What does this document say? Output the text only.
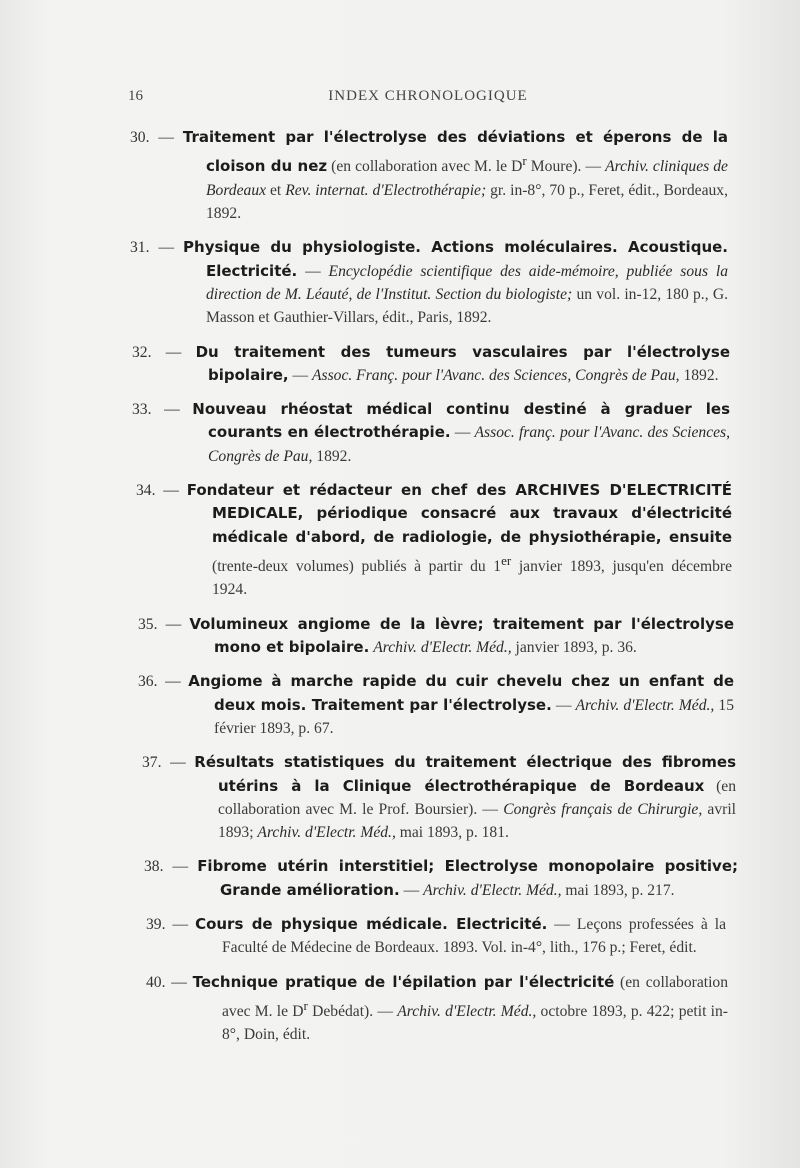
16	INDEX CHRONOLOGIQUE

30. — Traitement par l'électrolyse des déviations et éperons de la cloison du nez (en collaboration avec M. le $D^r$ Moure). — Archiv. cliniques de Bordeaux et Rev. internat. d'Electrothérapie; gr. in-8°, 70 p., Feret, édit., Bordeaux, 1892.

31. — Physique du physiologiste. Actions moléculaires. Acoustique. Electricité. — Encyclopédie scientifique des aide-mémoire, publiée sous la direction de M. Léauté, de l'Institut. Section du biologiste; un vol. in-12, 180 p., G. Masson et Gauthier-Villars, édit., Paris, 1892.

32. — Du traitement des tumeurs vasculaires par l'électrolyse bipolaire, — Assoc. Franç. pour l'Avanc. des Sciences, Congrès de Pau, 1892.

33. — Nouveau rhéostat médical continu destiné à graduer les courants en électrothérapie. — Assoc. franç. pour l'Avanc. des Sciences, Congrès de Pau, 1892.

34. — Fondateur et rédacteur en chef des ARCHIVES D'ELECTRICITÉ MEDICALE, périodique consacré aux travaux d'électricité médicale d'abord, de radiologie, de physiothérapie, ensuite (trente-deux volumes) publiés à partir du 1er janvier 1893, jusqu'en décembre 1924.

35. — Volumineux angiome de la lèvre; traitement par l'électrolyse mono et bipolaire. Archiv. d'Electr. Méd., janvier 1893, p. 36.

36. — Angiome à marche rapide du cuir chevelu chez un enfant de deux mois. Traitement par l'électrolyse. — Archiv. d'Electr. Méd., 15 février 1893, p. 67.

37. — Résultats statistiques du traitement électrique des fibromes utérins à la Clinique électrothérapique de Bordeaux (en collaboration avec M. le Prof. Boursier). — Congrès français de Chirurgie, avril 1893; Archiv. d'Electr. Méd., mai 1893, p. 181.

38. — Fibrome utérin interstitiel; Electrolyse monopolaire positive; Grande amélioration. — Archiv. d'Electr. Méd., mai 1893, p. 217.

39. — Cours de physique médicale. Electricité. — Leçons professées à la Faculté de Médecine de Bordeaux. 1893. Vol. in-4°, lith., 176 p.; Feret, édit.

40. — Technique pratique de l'épilation par l'électricité (en collaboration avec M. le $D^r$ Debédat). — Archiv. d'Electr. Méd., octobre 1893, p. 422; petit in-8°, Doin, édit.
